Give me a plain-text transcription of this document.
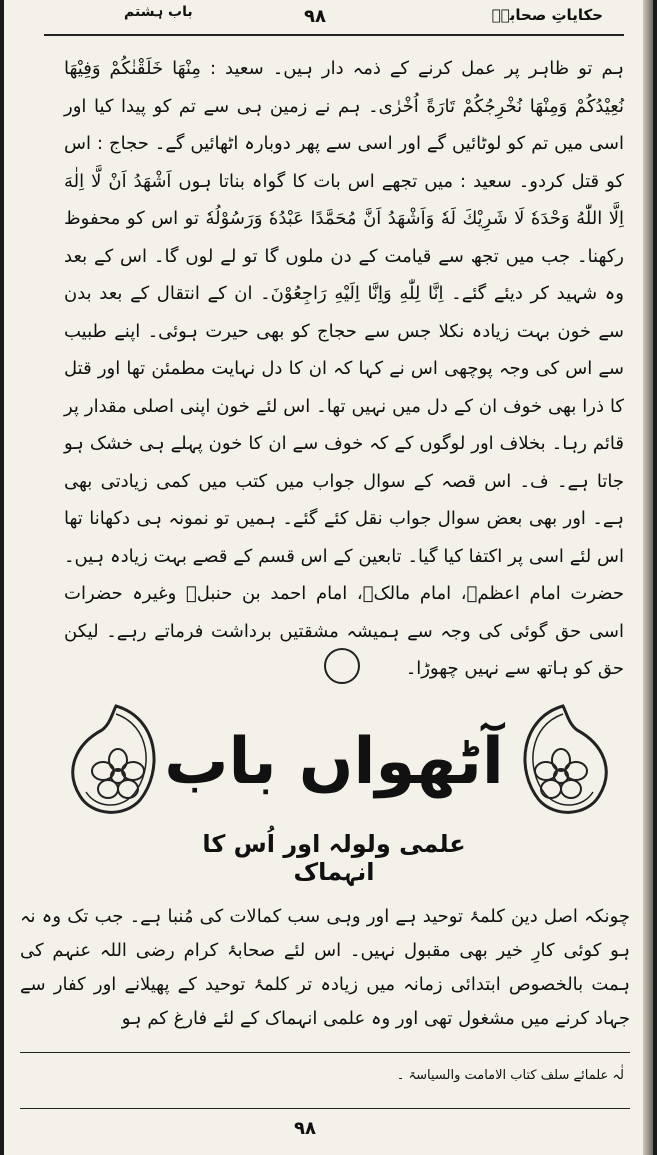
حکایاتِ صحابہؓ
۹۸
باب ہشتم

ہم تو ظاہر پر عمل کرنے کے ذمہ دار ہیں۔ سعید : مِنْهَا خَلَقْنٰكُمْ وَفِيْهَا نُعِيْدُكُمْ وَمِنْهَا نُخْرِجُكُمْ تَارَةً اُخْرٰى۔ ہم نے زمین ہی سے تم کو پیدا کیا اور اسی میں تم کو لوٹائیں گے اور اسی سے پھر دوبارہ اٹھائیں گے۔ حجاج : اس کو قتل کردو۔ سعید : میں تجھے اس بات کا گواہ بناتا ہوں اَشْهَدُ اَنْ لَّا اِلٰهَ اِلَّا اللّٰهُ وَحْدَهٗ لَا شَرِيْكَ لَهٗ وَاَشْهَدُ اَنَّ مُحَمَّدًا عَبْدُهٗ وَرَسُوْلُهٗ تو اس کو محفوظ رکھنا۔ جب میں تجھ سے قیامت کے دن ملوں گا تو لے لوں گا۔ اس کے بعد وہ شہید کر دیئے گئے۔ اِنَّا لِلّٰهِ وَاِنَّا اِلَيْهِ رَاجِعُوْنَ۔ ان کے انتقال کے بعد بدن سے خون بہت زیادہ نکلا جس سے حجاج کو بھی حیرت ہوئی۔ اپنے طبیب سے اس کی وجہ پوچھی اس نے کہا کہ ان کا دل نہایت مطمئن تھا اور قتل کا ذرا بھی خوف ان کے دل میں نہیں تھا۔ اس لئے خون اپنی اصلی مقدار پر قائم رہا۔ بخلاف اور لوگوں کے کہ خوف سے ان کا خون پہلے ہی خشک ہو جاتا ہے۔ ف۔ اس قصہ کے سوال جواب میں کتب میں کمی زیادتی بھی ہے۔ اور بھی بعض سوال جواب نقل کئے گئے۔ ہمیں تو نمونہ ہی دکھانا تھا اس لئے اسی پر اکتفا کیا گیا۔ تابعین کے اس قسم کے قصے بہت زیادہ ہیں۔ حضرت امام اعظمؒ، امام مالکؒ، امام احمد بن حنبلؒ وغیرہ حضرات اسی حق گوئی کی وجہ سے ہمیشہ مشقتیں برداشت فرماتے رہے۔ لیکن حق کو ہاتھ سے نہیں چھوڑا۔

آٹھواں باب
علمی ولولہ اور اُس کا انہماک

چونکہ اصل دین کلمۂ توحید ہے اور وہی سب کمالات کی مُنبا ہے۔ جب تک وہ نہ ہو کوئی کارِ خیر بھی مقبول نہیں۔ اس لئے صحابۂ کرام رضی اللہ عنہم کی ہمت بالخصوص ابتدائی زمانہ میں زیادہ تر کلمۂ توحید کے پھیلانے اور کفار سے جہاد کرنے میں مشغول تھی اور وہ علمی انہماک کے لئے فارغ کم ہو

لٰہ علمائے سلف کتاب الامامت والسیاسۃ ۔
۹۸
